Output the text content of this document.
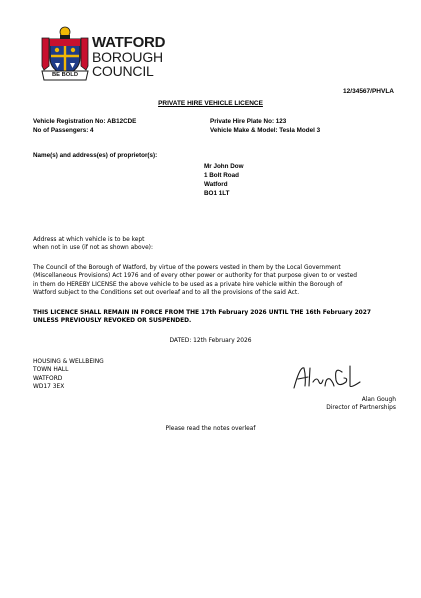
BE BOLD
WATFORD
BOROUGH
COUNCIL
12/34567/PHVLA
PRIVATE HIRE VEHICLE LICENCE
Vehicle Registration No: AB12CDE
No of Passengers: 4
Private Hire Plate No: 123
Vehicle Make & Model: Tesla Model 3
Name(s) and address(es) of proprietor(s):
Mr John Dow
1 Bolt Road
Watford
BO1 1LT
Address at which vehicle is to be kept
when not in use (if not as shown above):
The Council of the Borough of Watford, by virtue of the powers vested in them by the Local Government
(Miscellaneous Provisions) Act 1976 and of every other power or authority for that purpose given to or vested
in them do HEREBY LICENSE the above vehicle to be used as a private hire vehicle within the Borough of
Watford subject to the Conditions set out overleaf and to all the provisions of the said Act.
THIS LICENCE SHALL REMAIN IN FORCE FROM THE 17th February 2026 UNTIL THE 16th February 2027
UNLESS PREVIOUSLY REVOKED OR SUSPENDED.
DATED: 12th February 2026
HOUSING & WELLBEING
TOWN HALL
WATFORD
WD17 3EX
Alan Gough
Director of Partnerships
Please read the notes overleaf
